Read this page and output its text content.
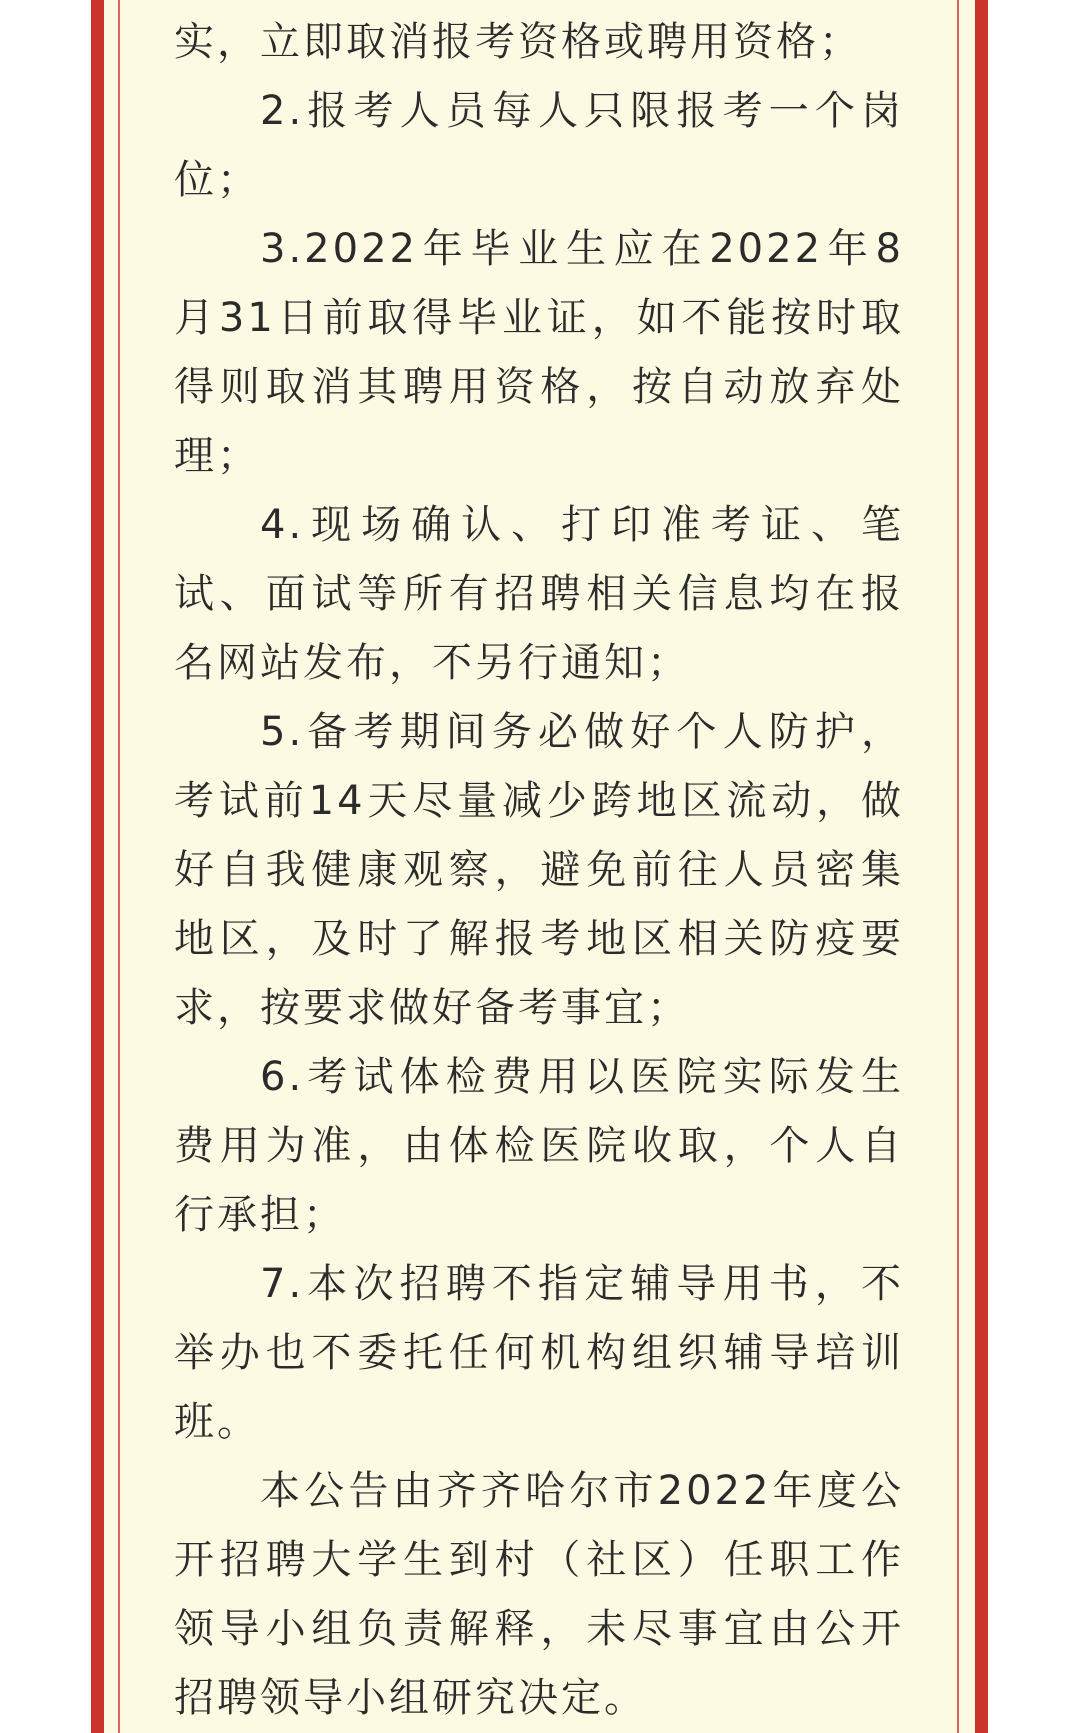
实，立即取消报考资格或聘用资格；

2.报考人员每人只限报考一个岗位；

3.2022年毕业生应在2022年8月31日前取得毕业证，如不能按时取得则取消其聘用资格，按自动放弃处理；

4.现场确认、打印准考证、笔试、面试等所有招聘相关信息均在报名网站发布，不另行通知；

5.备考期间务必做好个人防护，考试前14天尽量减少跨地区流动，做好自我健康观察，避免前往人员密集地区，及时了解报考地区相关防疫要求，按要求做好备考事宜；

6.考试体检费用以医院实际发生费用为准，由体检医院收取，个人自行承担；

7.本次招聘不指定辅导用书，不举办也不委托任何机构组织辅导培训班。

本公告由齐齐哈尔市2022年度公开招聘大学生到村（社区）任职工作领导小组负责解释，未尽事宜由公开招聘领导小组研究决定。
